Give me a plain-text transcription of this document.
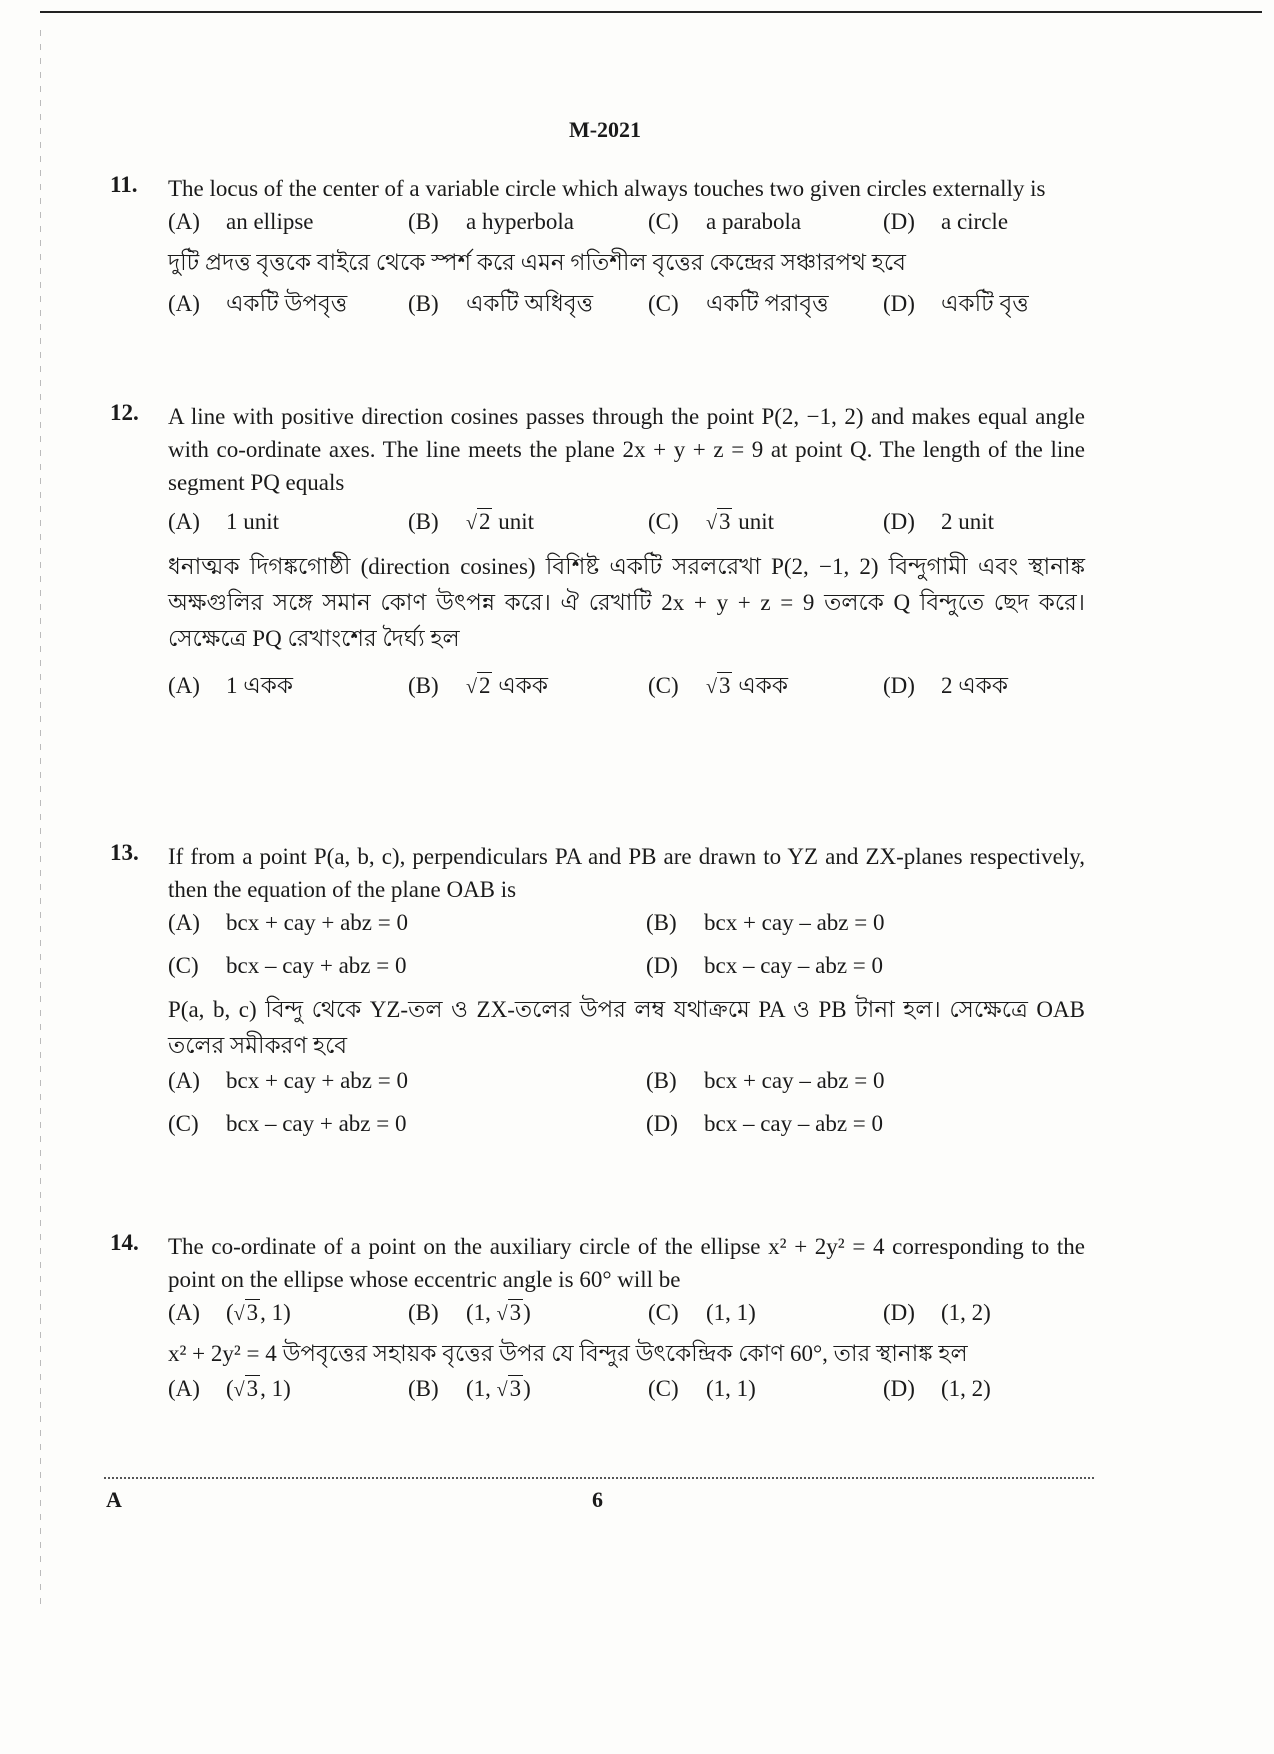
M-2021
11. The locus of the center of a variable circle which always touches two given circles externally is
(A) an ellipse	(B) a hyperbola	(C) a parabola	(D) a circle
দুটি প্রদত্ত বৃত্তকে বাইরে থেকে স্পর্শ করে এমন গতিশীল বৃত্তের কেন্দ্রের সঞ্চারপথ হবে
(A) একটি উপবৃত্ত	(B) একটি অধিবৃত্ত (C) একটি পরাবৃত্ত (D) একটি বৃত্ত
12. A line with positive direction cosines passes through the point P(2, −1, 2) and makes equal angle with co-ordinate axes. The line meets the plane 2x + y + z = 9 at point Q. The length of the line segment PQ equals
(A) 1 unit	(B) √2 unit	(C) √3 unit	(D) 2 unit
ধনাত্মক দিগঙ্কগোষ্ঠী (direction cosines) বিশিষ্ট একটি সরলরেখা P(2, −1, 2) বিন্দুগামী এবং স্থানাঙ্ক অক্ষগুলির সঙ্গে সমান কোণ উৎপন্ন করে। ঐ রেখাটি 2x + y + z = 9 তলকে Q বিন্দুতে ছেদ করে। সেক্ষেত্রে PQ রেখাংশের দৈর্ঘ্য হল
(A) 1 একক	(B) √2 একক	(C) √3 একক	(D) 2 একক
13. If from a point P(a, b, c), perpendiculars PA and PB are drawn to YZ and ZX-planes respectively, then the equation of the plane OAB is
(A) bcx + cay + abz = 0	(B) bcx + cay – abz = 0
(C) bcx – cay + abz = 0	(D) bcx – cay – abz = 0
P(a, b, c) বিন্দু থেকে YZ-তল ও ZX-তলের উপর লম্ব যথাক্রমে PA ও PB টানা হল। সেক্ষেত্রে OAB তলের সমীকরণ হবে
(A) bcx + cay + abz = 0	(B) bcx + cay – abz = 0
(C) bcx – cay + abz = 0	(D) bcx – cay – abz = 0
14. The co-ordinate of a point on the auxiliary circle of the ellipse x² + 2y² = 4 corresponding to the point on the ellipse whose eccentric angle is 60° will be
(A) (√3, 1)	(B) (1, √3)	(C) (1, 1)	(D) (1, 2)
x² + 2y² = 4 উপবৃত্তের সহায়ক বৃত্তের উপর যে বিন্দুর উৎকেন্দ্রিক কোণ 60°, তার স্থানাঙ্ক হল
(A) (√3, 1)	(B) (1, √3)	(C) (1, 1)	(D) (1, 2)
A	6
